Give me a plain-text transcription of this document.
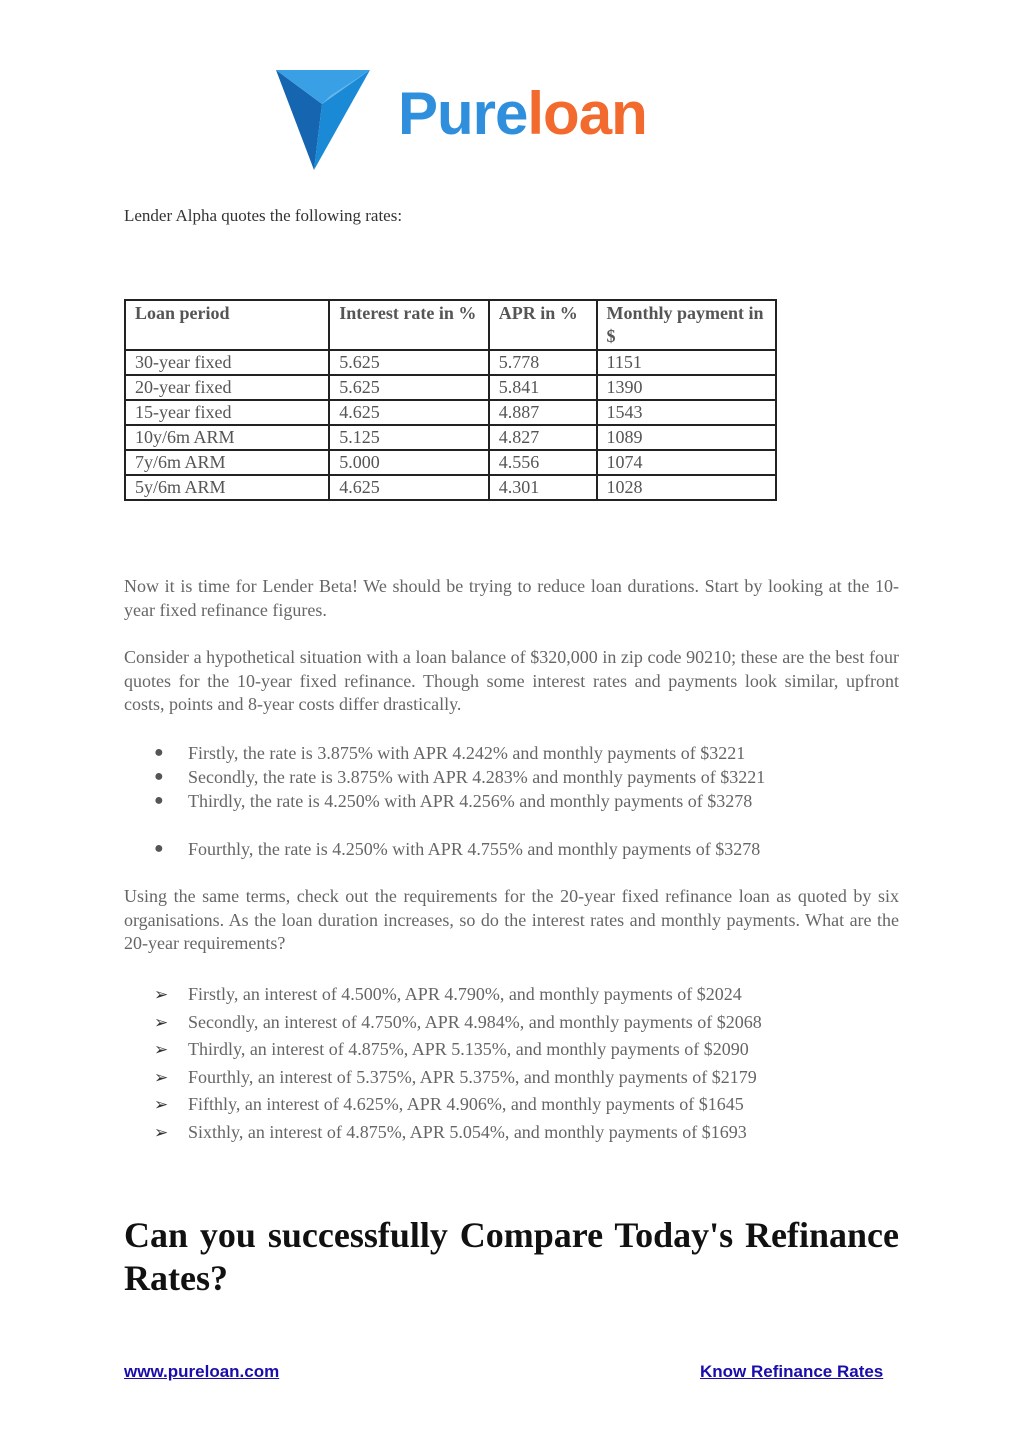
Pureloan
Lender Alpha quotes the following rates:
Loan period	Interest rate in %	APR in %	Monthly payment in $
30-year fixed	5.625	5.778	1151
20-year fixed	5.625	5.841	1390
15-year fixed	4.625	4.887	1543
10y/6m ARM	5.125	4.827	1089
7y/6m ARM	5.000	4.556	1074
5y/6m ARM	4.625	4.301	1028

Now it is time for Lender Beta! We should be trying to reduce loan durations. Start by looking at the 10-year fixed refinance figures.

Consider a hypothetical situation with a loan balance of $320,000 in zip code 90210; these are the best four quotes for the 10-year fixed refinance. Though some interest rates and payments look similar, upfront costs, points and 8-year costs differ drastically.

● Firstly, the rate is 3.875% with APR 4.242% and monthly payments of $3221
● Secondly, the rate is 3.875% with APR 4.283% and monthly payments of $3221
● Thirdly, the rate is 4.250% with APR 4.256% and monthly payments of $3278
● Fourthly, the rate is 4.250% with APR 4.755% and monthly payments of $3278

Using the same terms, check out the requirements for the 20-year fixed refinance loan as quoted by six organisations. As the loan duration increases, so do the interest rates and monthly payments. What are the 20-year requirements?

➢ Firstly, an interest of 4.500%, APR 4.790%, and monthly payments of $2024
➢ Secondly, an interest of 4.750%, APR 4.984%, and monthly payments of $2068
➢ Thirdly, an interest of 4.875%, APR 5.135%, and monthly payments of $2090
➢ Fourthly, an interest of 5.375%, APR 5.375%, and monthly payments of $2179
➢ Fifthly, an interest of 4.625%, APR 4.906%, and monthly payments of $1645
➢ Sixthly, an interest of 4.875%, APR 5.054%, and monthly payments of $1693
Can you successfully Compare Today's Refinance Rates?
www.pureloan.com	Know Refinance Rates
